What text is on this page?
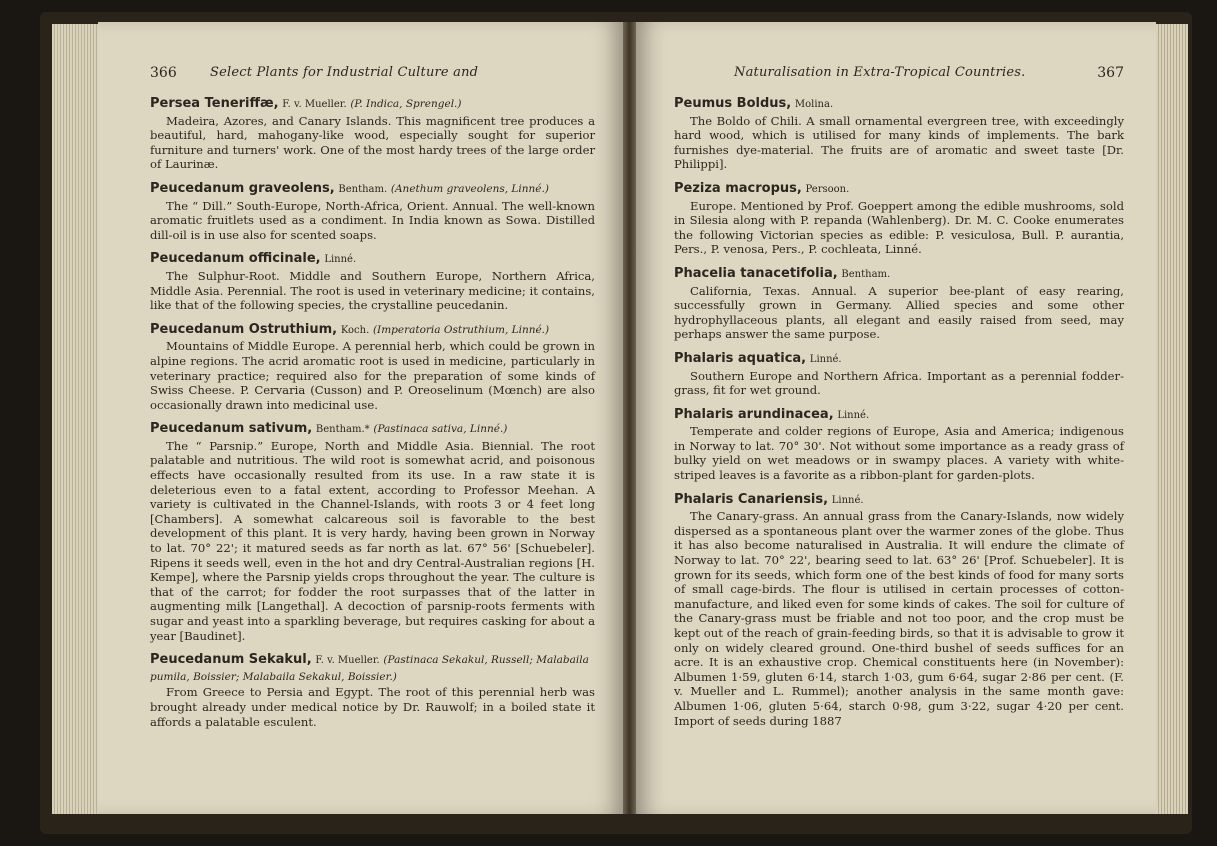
366	Select Plants for Industrial Culture and
Persea Teneriffæ, F. v. Mueller. (P. Indica, Sprengel.)

Madeira, Azores, and Canary Islands. This magnificent tree produces a beautiful, hard, mahogany-like wood, especially sought for superior furniture and turners' work. One of the most hardy trees of the large order of Laurinæ.

Peucedanum graveolens, Bentham. (Anethum graveolens, Linné.)

The “ Dill.” South-Europe, North-Africa, Orient. Annual. The well-known aromatic fruitlets used as a condiment. In India known as Sowa. Distilled dill-oil is in use also for scented soaps.

Peucedanum officinale, Linné.

The Sulphur-Root. Middle and Southern Europe, Northern Africa, Middle Asia. Perennial. The root is used in veterinary medicine; it contains, like that of the following species, the crystalline peucedanin.

Peucedanum Ostruthium, Koch. (Imperatoria Ostruthium, Linné.)

Mountains of Middle Europe. A perennial herb, which could be grown in alpine regions. The acrid aromatic root is used in medicine, particularly in veterinary practice; required also for the preparation of some kinds of Swiss Cheese. P. Cervaria (Cusson) and P. Oreoselinum (Mœnch) are also occasionally drawn into medicinal use.

Peucedanum sativum, Bentham.* (Pastinaca sativa, Linné.)

The “ Parsnip.” Europe, North and Middle Asia. Biennial. The root palatable and nutritious. The wild root is somewhat acrid, and poisonous effects have occasionally resulted from its use. In a raw state it is deleterious even to a fatal extent, according to Professor Meehan. A variety is cultivated in the Channel-Islands, with roots 3 or 4 feet long [Chambers]. A somewhat calcareous soil is favorable to the best development of this plant. It is very hardy, having been grown in Norway to lat. 70° 22'; it matured seeds as far north as lat. 67° 56' [Schuebeler]. Ripens it seeds well, even in the hot and dry Central-Australian regions [H. Kempe], where the Parsnip yields crops throughout the year. The culture is that of the carrot; for fodder the root surpasses that of the latter in augmenting milk [Langethal]. A decoction of parsnip-roots ferments with sugar and yeast into a sparkling beverage, but requires casking for about a year [Baudinet].

Peucedanum Sekakul, F. v. Mueller. (Pastinaca Sekakul, Russell; Malabaila pumila, Boissier; Malabaila Sekakul, Boissier.)

From Greece to Persia and Egypt. The root of this perennial herb was brought already under medical notice by Dr. Rauwolf; in a boiled state it affords a palatable esculent.

Naturalisation in Extra-Tropical Countries.	367
Peumus Boldus, Molina.

The Boldo of Chili. A small ornamental evergreen tree, with exceedingly hard wood, which is utilised for many kinds of implements. The bark furnishes dye-material. The fruits are of aromatic and sweet taste [Dr. Philippi].

Peziza macropus, Persoon.

Europe. Mentioned by Prof. Goeppert among the edible mushrooms, sold in Silesia along with P. repanda (Wahlenberg). Dr. M. C. Cooke enumerates the following Victorian species as edible: P. vesiculosa, Bull. P. aurantia, Pers., P. venosa, Pers., P. cochleata, Linné.

Phacelia tanacetifolia, Bentham.

California, Texas. Annual. A superior bee-plant of easy rearing, successfully grown in Germany. Allied species and some other hydrophyllaceous plants, all elegant and easily raised from seed, may perhaps answer the same purpose.

Phalaris aquatica, Linné.

Southern Europe and Northern Africa. Important as a perennial fodder-grass, fit for wet ground.

Phalaris arundinacea, Linné.

Temperate and colder regions of Europe, Asia and America; indigenous in Norway to lat. 70° 30'. Not without some importance as a ready grass of bulky yield on wet meadows or in swampy places. A variety with white-striped leaves is a favorite as a ribbon-plant for garden-plots.

Phalaris Canariensis, Linné.

The Canary-grass. An annual grass from the Canary-Islands, now widely dispersed as a spontaneous plant over the warmer zones of the globe. Thus it has also become naturalised in Australia. It will endure the climate of Norway to lat. 70° 22', bearing seed to lat. 63° 26' [Prof. Schuebeler]. It is grown for its seeds, which form one of the best kinds of food for many sorts of small cage-birds. The flour is utilised in certain processes of cotton-manufacture, and liked even for some kinds of cakes. The soil for culture of the Canary-grass must be friable and not too poor, and the crop must be kept out of the reach of grain-feeding birds, so that it is advisable to grow it only on widely cleared ground. One-third bushel of seeds suffices for an acre. It is an exhaustive crop. Chemical constituents here (in November): Albumen 1·59, gluten 6·14, starch 1·03, gum 6·64, sugar 2·86 per cent. (F. v. Mueller and L. Rummel); another analysis in the same month gave: Albumen 1·06, gluten 5·64, starch 0·98, gum 3·22, sugar 4·20 per cent. Import of seeds during 1887
